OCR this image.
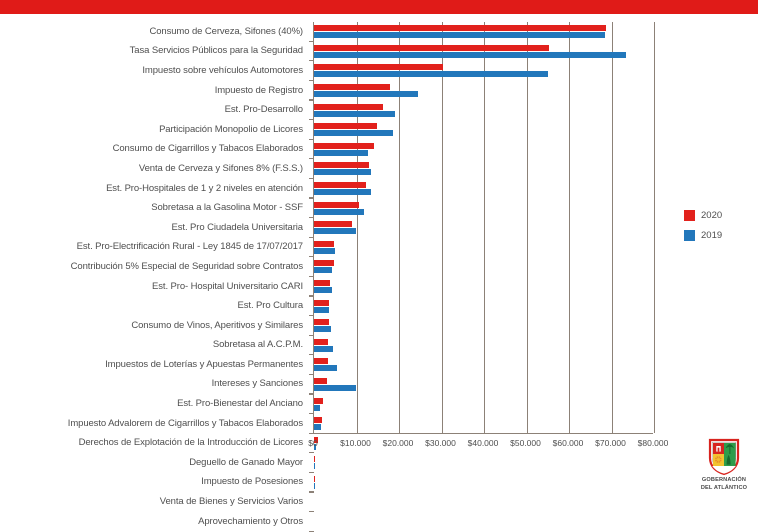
Consumo de Cerveza, Sifones (40%)
Tasa Servicios Públicos para la Seguridad
Impuesto sobre vehículos Automotores
Impuesto de Registro
Est. Pro-Desarrollo
Participación Monopolio de Licores
Consumo de Cigarrillos y Tabacos Elaborados
Venta de Cerveza y Sifones 8% (F.S.S.)
Est. Pro-Hospitales de 1 y 2 niveles en atención
Sobretasa a la Gasolina Motor - SSF
Est. Pro Ciudadela Universitaria
Est. Pro-Electrificación Rural - Ley 1845 de 17/07/2017
Contribución 5% Especial de Seguridad sobre Contratos
Est. Pro- Hospital Universitario CARI
Est. Pro Cultura
Consumo de Vinos, Aperitivos y Similares
Sobretasa al A.C.P.M.
Impuestos de Loterías y Apuestas Permanentes
Intereses y Sanciones
Est. Pro-Bienestar del Anciano
Impuesto Advalorem de Cigarrillos y Tabacos Elaborados
Derechos de Explotación de la Introducción de Licores
Deguello de Ganado Mayor
Impuesto de Posesiones
Venta de Bienes y Servicios Varios
Aprovechamiento y Otros
$0	$10.000 $20.000 $30.000 $40.000 $50.000 $60.000 $70.000 $80.000
2020
2019
GOBERNACIÓN
DEL ATLÁNTICO
